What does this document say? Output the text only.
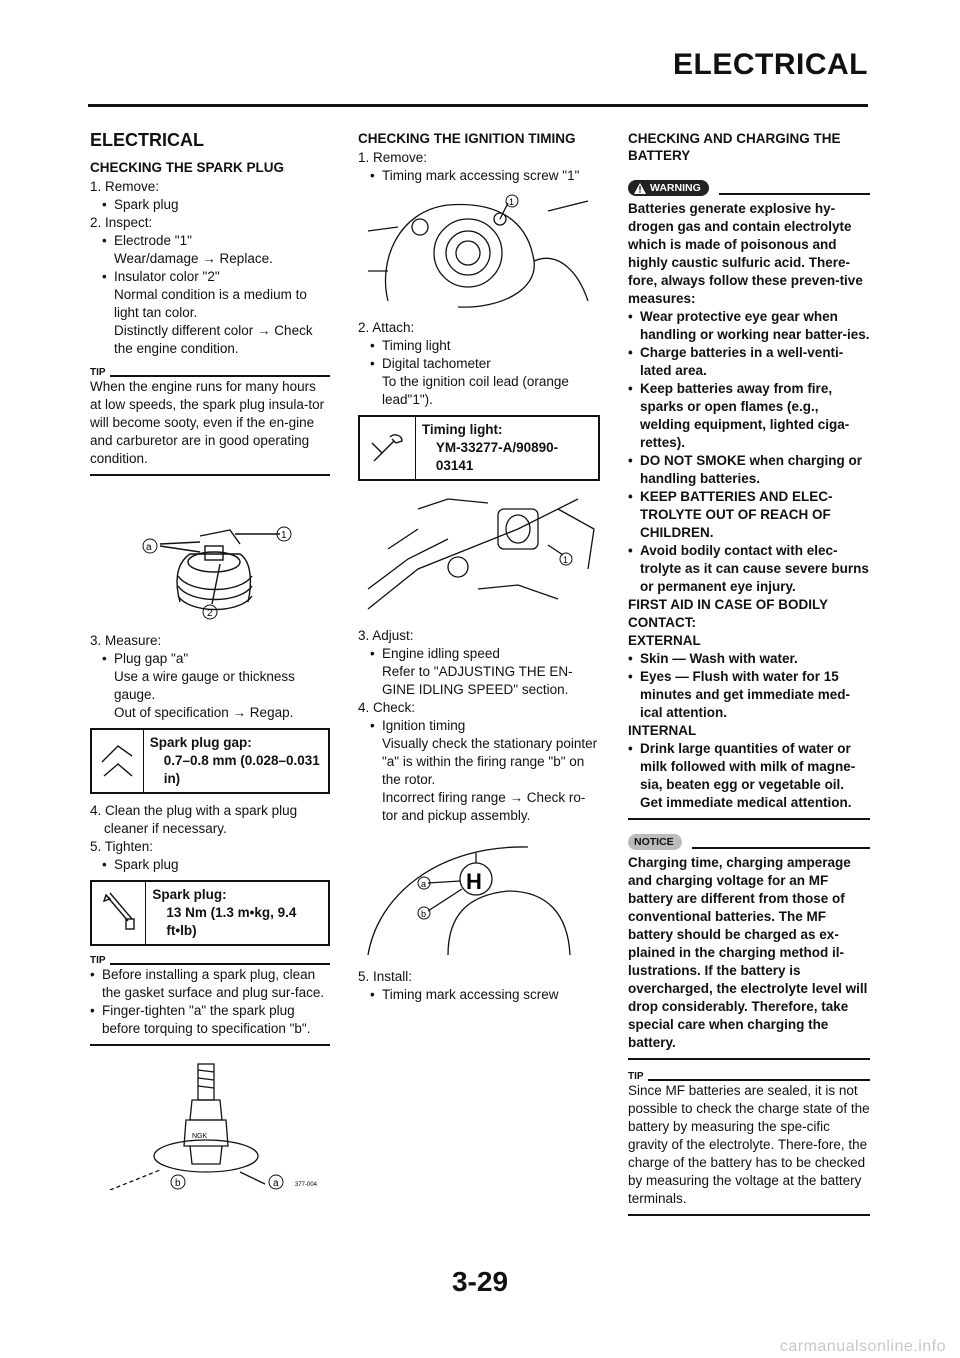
ELECTRICAL
ELECTRICAL
CHECKING THE SPARK PLUG
1. Remove:
• Spark plug
2. Inspect:
• Electrode "1"
Wear/damage → Replace.
• Insulator color "2"
Normal condition is a medium to light tan color.
Distinctly different color → Check the engine condition.
TIP
When the engine runs for many hours at low speeds, the spark plug insula-tor will become sooty, even if the en-gine and carburetor are in good operating condition.
a
1
2
3. Measure:
• Plug gap "a"
Use a wire gauge or thickness gauge.
Out of specification → Regap.
Spark plug gap:
0.7–0.8 mm (0.028–0.031 in)
4. Clean the plug with a spark plug cleaner if necessary.
5. Tighten:
• Spark plug
Spark plug:
13 Nm (1.3 m•kg, 9.4 ft•lb)
TIP
• Before installing a spark plug, clean the gasket surface and plug sur-face.
• Finger-tighten "a" the spark plug before torquing to specification "b".
NGK
a
b	377-004
CHECKING THE IGNITION TIMING
1. Remove:
• Timing mark accessing screw "1"
1
2. Attach:
• Timing light
• Digital tachometer
To the ignition coil lead (orange lead"1").
Timing light:
YM-33277-A/90890-03141
1
3. Adjust:
• Engine idling speed
Refer to "ADJUSTING THE EN-GINE IDLING SPEED" section.
4. Check:
• Ignition timing
Visually check the stationary pointer "a" is within the firing range "b" on the rotor.
Incorrect firing range → Check ro-tor and pickup assembly.
H
a
b
5. Install:
• Timing mark accessing screw
CHECKING AND CHARGING THE BATTERY
WARNING
Batteries generate explosive hy-drogen gas and contain electrolyte which is made of poisonous and highly caustic sulfuric acid. There-fore, always follow these preven-tive measures:
• Wear protective eye gear when handling or working near batter-ies.
• Charge batteries in a well-venti-lated area.
• Keep batteries away from fire, sparks or open flames (e.g., welding equipment, lighted ciga-rettes).
• DO NOT SMOKE when charging or handling batteries.
• KEEP BATTERIES AND ELEC-TROLYTE OUT OF REACH OF CHILDREN.
• Avoid bodily contact with elec-trolyte as it can cause severe burns or permanent eye injury.
FIRST AID IN CASE OF BODILY CONTACT:
EXTERNAL
• Skin — Wash with water.
• Eyes — Flush with water for 15 minutes and get immediate med-ical attention.
INTERNAL
• Drink large quantities of water or milk followed with milk of magne-sia, beaten egg or vegetable oil. Get immediate medical attention.
NOTICE
Charging time, charging amperage and charging voltage for an MF battery are different from those of conventional batteries. The MF battery should be charged as ex-plained in the charging method il-lustrations. If the battery is overcharged, the electrolyte level will drop considerably. Therefore, take special care when charging the battery.
TIP
Since MF batteries are sealed, it is not possible to check the charge state of the battery by measuring the spe-cific gravity of the electrolyte. There-fore, the charge of the battery has to be checked by measuring the voltage at the battery terminals.
3-29
carmanualsonline.info
